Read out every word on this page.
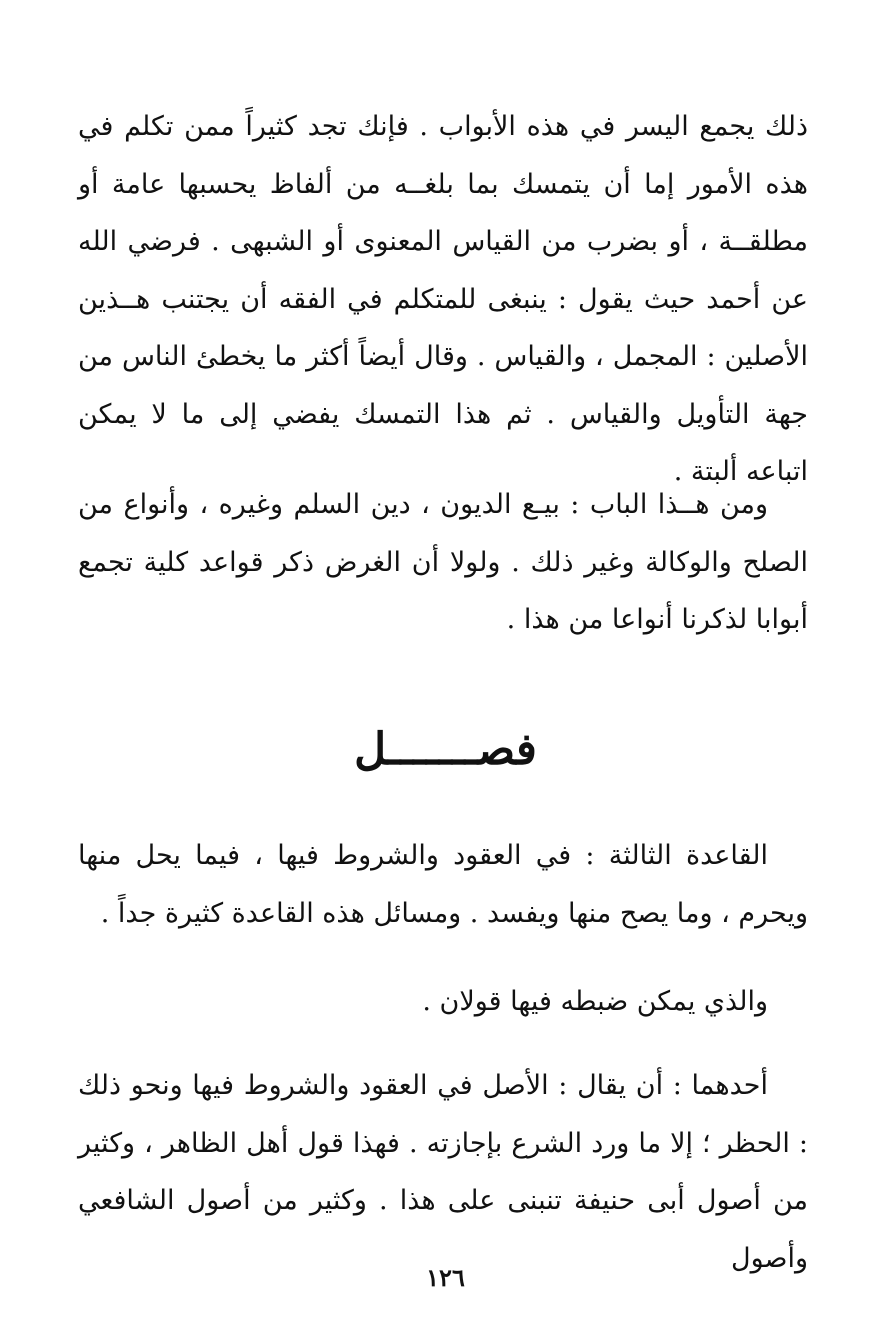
ذلك يجمع اليسر في هذه الأبواب . فإنك تجد كثيراً ممن تكلم في هذه الأمور إما أن يتمسك بما بلغــه من ألفاظ يحسبها عامة أو مطلقــة ، أو بضرب من القياس المعنوى أو الشبهى . فرضي الله عن أحمد حيث يقول : ينبغى للمتكلم في الفقه أن يجتنب هــذين الأصلين : المجمل ، والقياس . وقال أيضاً أكثر ما يخطئ الناس من جهة التأويل والقياس . ثم هذا التمسك يفضي إلى ما لا يمكن اتباعه ألبتة .

ومن هــذا الباب : بيـع الديون ، دين السلم وغيره ، وأنواع من الصلح والوكالة وغير ذلك . ولولا أن الغرض ذكر قواعد كلية تجمع أبوابا لذكرنا أنواعا من هذا .

فصـــــــل

القاعدة الثالثة : في العقود والشروط فيها ، فيما يحل منها ويحرم ، وما يصح منها ويفسد . ومسائل هذه القاعدة كثيرة جداً .

والذي يمكن ضبطه فيها قولان .

أحدهما : أن يقال : الأصل في العقود والشروط فيها ونحو ذلك : الحظر ؛ إلا ما ورد الشرع بإجازته . فهذا قول أهل الظاهر ، وكثير من أصول أبى حنيفة تنبنى على هذا . وكثير من أصول الشافعي وأصول

١٢٦
